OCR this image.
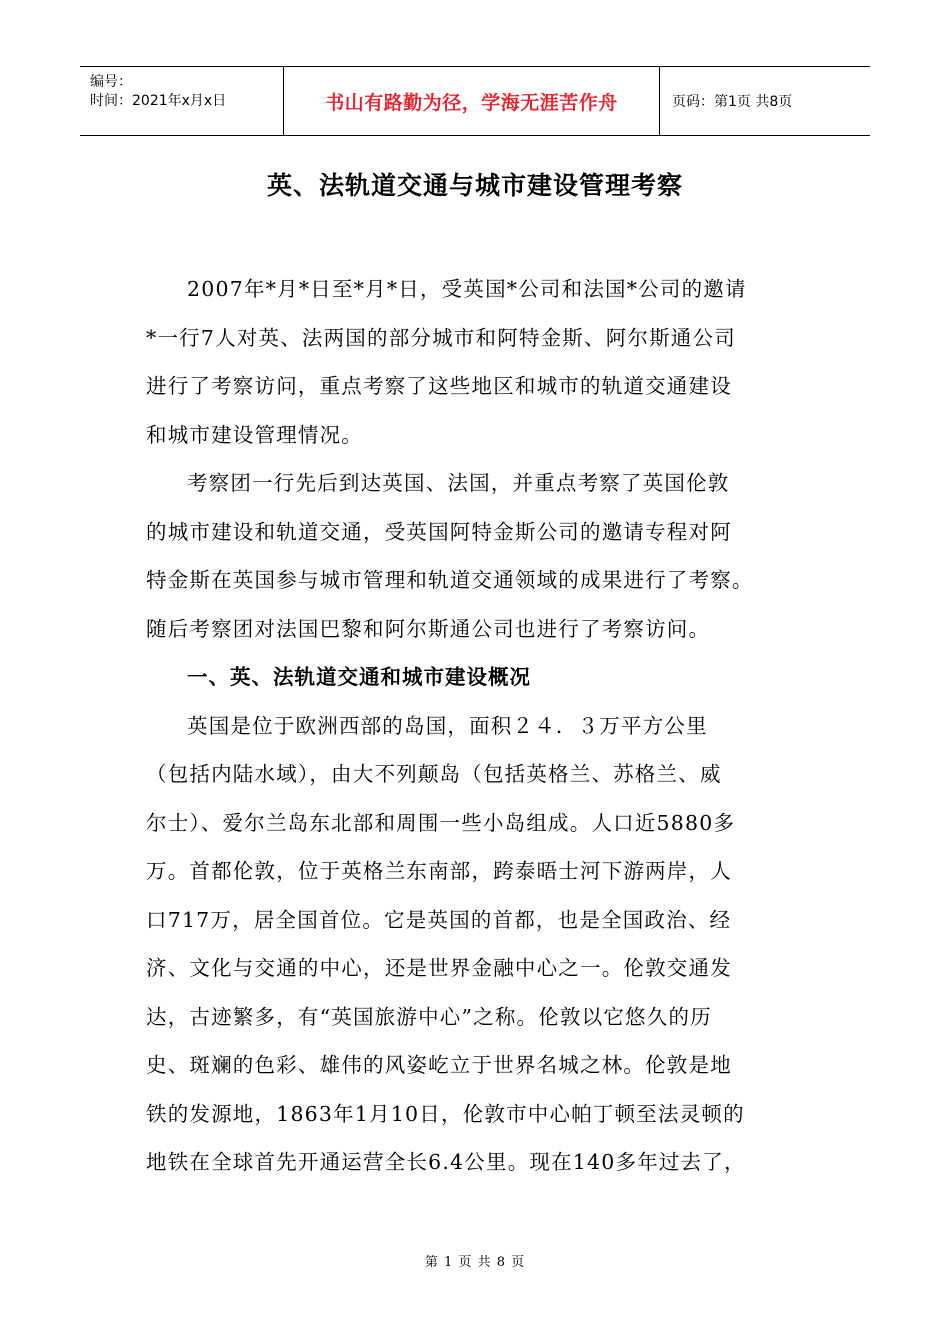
编号：
时间：2021年x月x日	书山有路勤为径，学海无涯苦作舟	页码：第1页 共8页
英、法轨道交通与城市建设管理考察

2007年*月*日至*月*日，受英国*公司和法国*公司的邀请
*一行7人对英、法两国的部分城市和阿特金斯、阿尔斯通公司
进行了考察访问，重点考察了这些地区和城市的轨道交通建设
和城市建设管理情况。

考察团一行先后到达英国、法国，并重点考察了英国伦敦
的城市建设和轨道交通，受英国阿特金斯公司的邀请专程对阿
特金斯在英国参与城市管理和轨道交通领域的成果进行了考察。
随后考察团对法国巴黎和阿尔斯通公司也进行了考察访问。

一、英、法轨道交通和城市建设概况

英国是位于欧洲西部的岛国，面积２４．３万平方公里
（包括内陆水域），由大不列颠岛（包括英格兰、苏格兰、威
尔士）、爱尔兰岛东北部和周围一些小岛组成。人口近5880多
万。首都伦敦，位于英格兰东南部，跨泰晤士河下游两岸，人
口717万，居全国首位。它是英国的首都，也是全国政治、经
济、文化与交通的中心，还是世界金融中心之一。伦敦交通发
达，古迹繁多，有“英国旅游中心”之称。伦敦以它悠久的历
史、斑斓的色彩、雄伟的风姿屹立于世界名城之林。伦敦是地
铁的发源地，1863年1月10日，伦敦市中心帕丁顿至法灵顿的
地铁在全球首先开通运营全长6.4公里。现在140多年过去了，

第 1 页 共 8 页
